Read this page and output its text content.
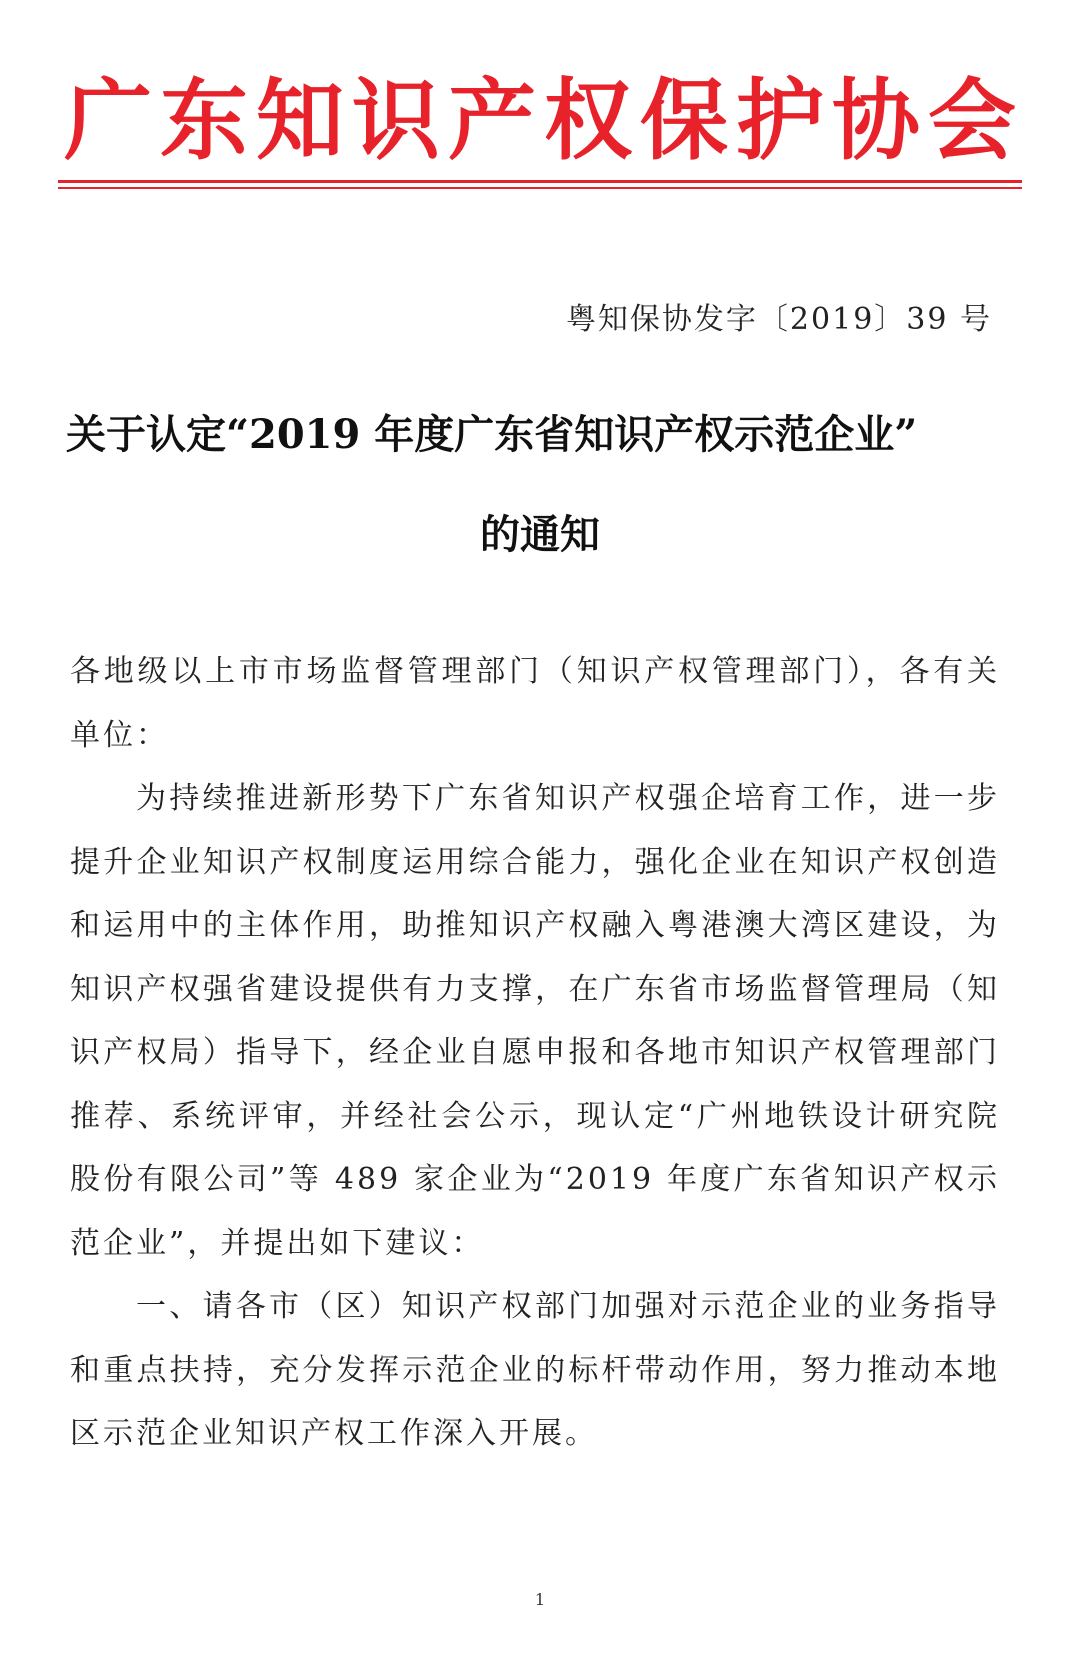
广 东 知 识 产 权 保 护 协 会
粤知保协发字〔2019〕39 号
关于认定“2019 年度广东省知识产权示范企业”
的通知

各地级以上市市场监督管理部门（知识产权管理部门），各有关单位：

为持续推进新形势下广东省知识产权强企培育工作，进一步提升企业知识产权制度运用综合能力，强化企业在知识产权创造和运用中的主体作用，助推知识产权融入粤港澳大湾区建设，为知识产权强省建设提供有力支撑，在广东省市场监督管理局（知识产权局）指导下，经企业自愿申报和各地市知识产权管理部门推荐、系统评审，并经社会公示，现认定“广州地铁设计研究院股份有限公司”等 489 家企业为“2019 年度广东省知识产权示范企业”，并提出如下建议：

一、请各市（区）知识产权部门加强对示范企业的业务指导和重点扶持，充分发挥示范企业的标杆带动作用，努力推动本地区示范企业知识产权工作深入开展。

1
